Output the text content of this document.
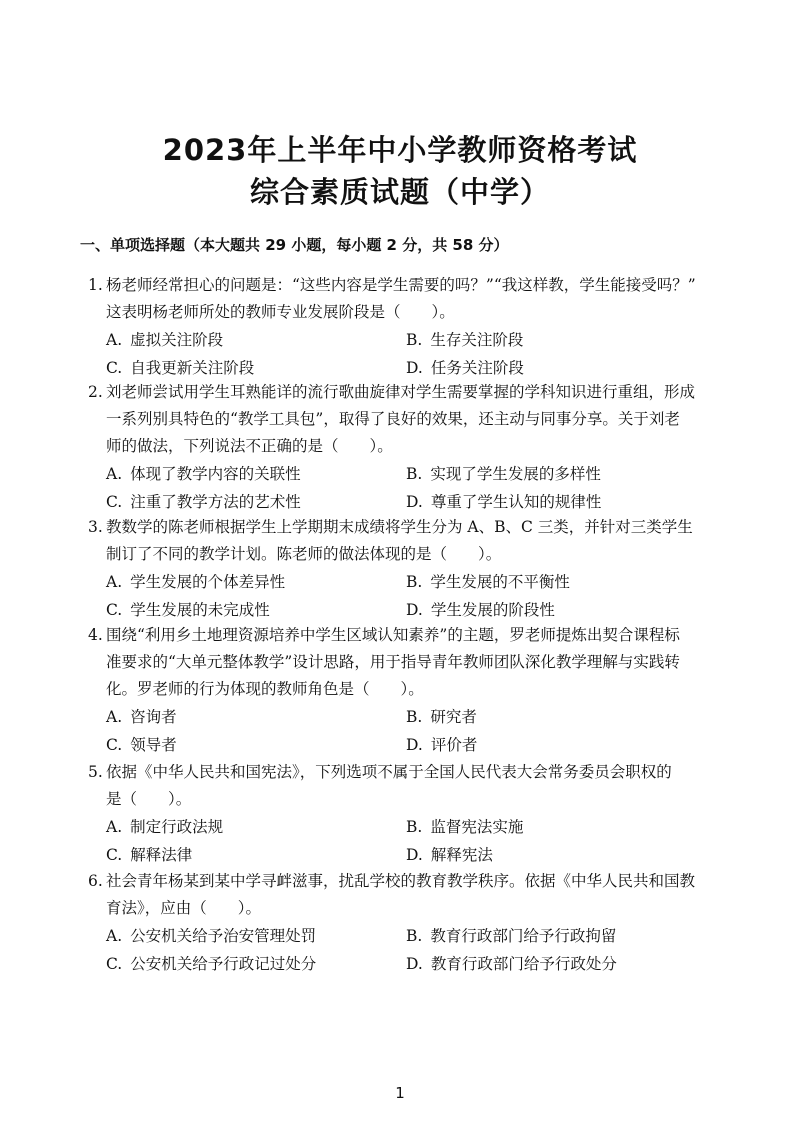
2023年上半年中小学教师资格考试
综合素质试题（中学）
一、单项选择题（本大题共 29 小题，每小题 2 分，共 58 分）
1. 杨老师经常担心的问题是：“这些内容是学生需要的吗？”“我这样教，学生能接受吗？”
这表明杨老师所处的教师专业发展阶段是（　　）。
A. 虚拟关注阶段	B. 生存关注阶段
C. 自我更新关注阶段	D. 任务关注阶段
2. 刘老师尝试用学生耳熟能详的流行歌曲旋律对学生需要掌握的学科知识进行重组，形成
一系列别具特色的“教学工具包”，取得了良好的效果，还主动与同事分享。关于刘老
师的做法，下列说法不正确的是（　　）。
A. 体现了教学内容的关联性	B. 实现了学生发展的多样性
C. 注重了教学方法的艺术性	D. 尊重了学生认知的规律性
3. 教数学的陈老师根据学生上学期期末成绩将学生分为 A、B、C 三类，并针对三类学生
制订了不同的教学计划。陈老师的做法体现的是（　　）。
A. 学生发展的个体差异性	B. 学生发展的不平衡性
C. 学生发展的未完成性	D. 学生发展的阶段性
4. 围绕“利用乡土地理资源培养中学生区域认知素养”的主题，罗老师提炼出契合课程标
准要求的“大单元整体教学”设计思路，用于指导青年教师团队深化教学理解与实践转
化。罗老师的行为体现的教师角色是（　　）。
A. 咨询者	B. 研究者
C. 领导者	D. 评价者
5. 依据《中华人民共和国宪法》，下列选项不属于全国人民代表大会常务委员会职权的
是（　　）。
A. 制定行政法规	B. 监督宪法实施
C. 解释法律	D. 解释宪法
6. 社会青年杨某到某中学寻衅滋事，扰乱学校的教育教学秩序。依据《中华人民共和国教
育法》，应由（　　）。
A. 公安机关给予治安管理处罚	B. 教育行政部门给予行政拘留
C. 公安机关给予行政记过处分	D. 教育行政部门给予行政处分
1
